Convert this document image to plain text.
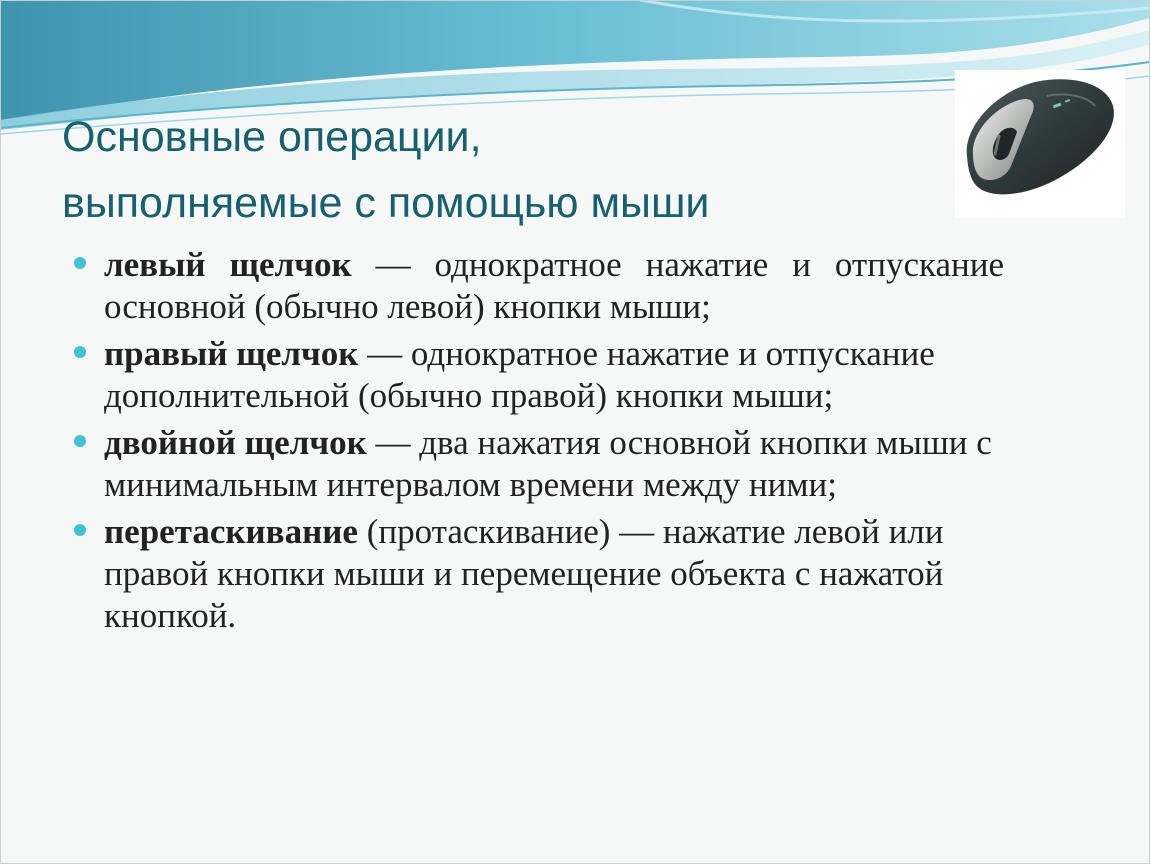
Основные операции,
выполняемые с помощью мыши
левый щелчок — однократное нажатие и отпускание основной (обычно левой) кнопки мыши;
правый щелчок — однократное нажатие и отпускание дополнительной (обычно правой) кнопки мыши;
двойной щелчок — два нажатия основной кнопки мыши с минимальным интервалом времени между ними;
перетаскивание (протаскивание) — нажатие левой или правой кнопки мыши и перемещение объекта с нажатой кнопкой.
